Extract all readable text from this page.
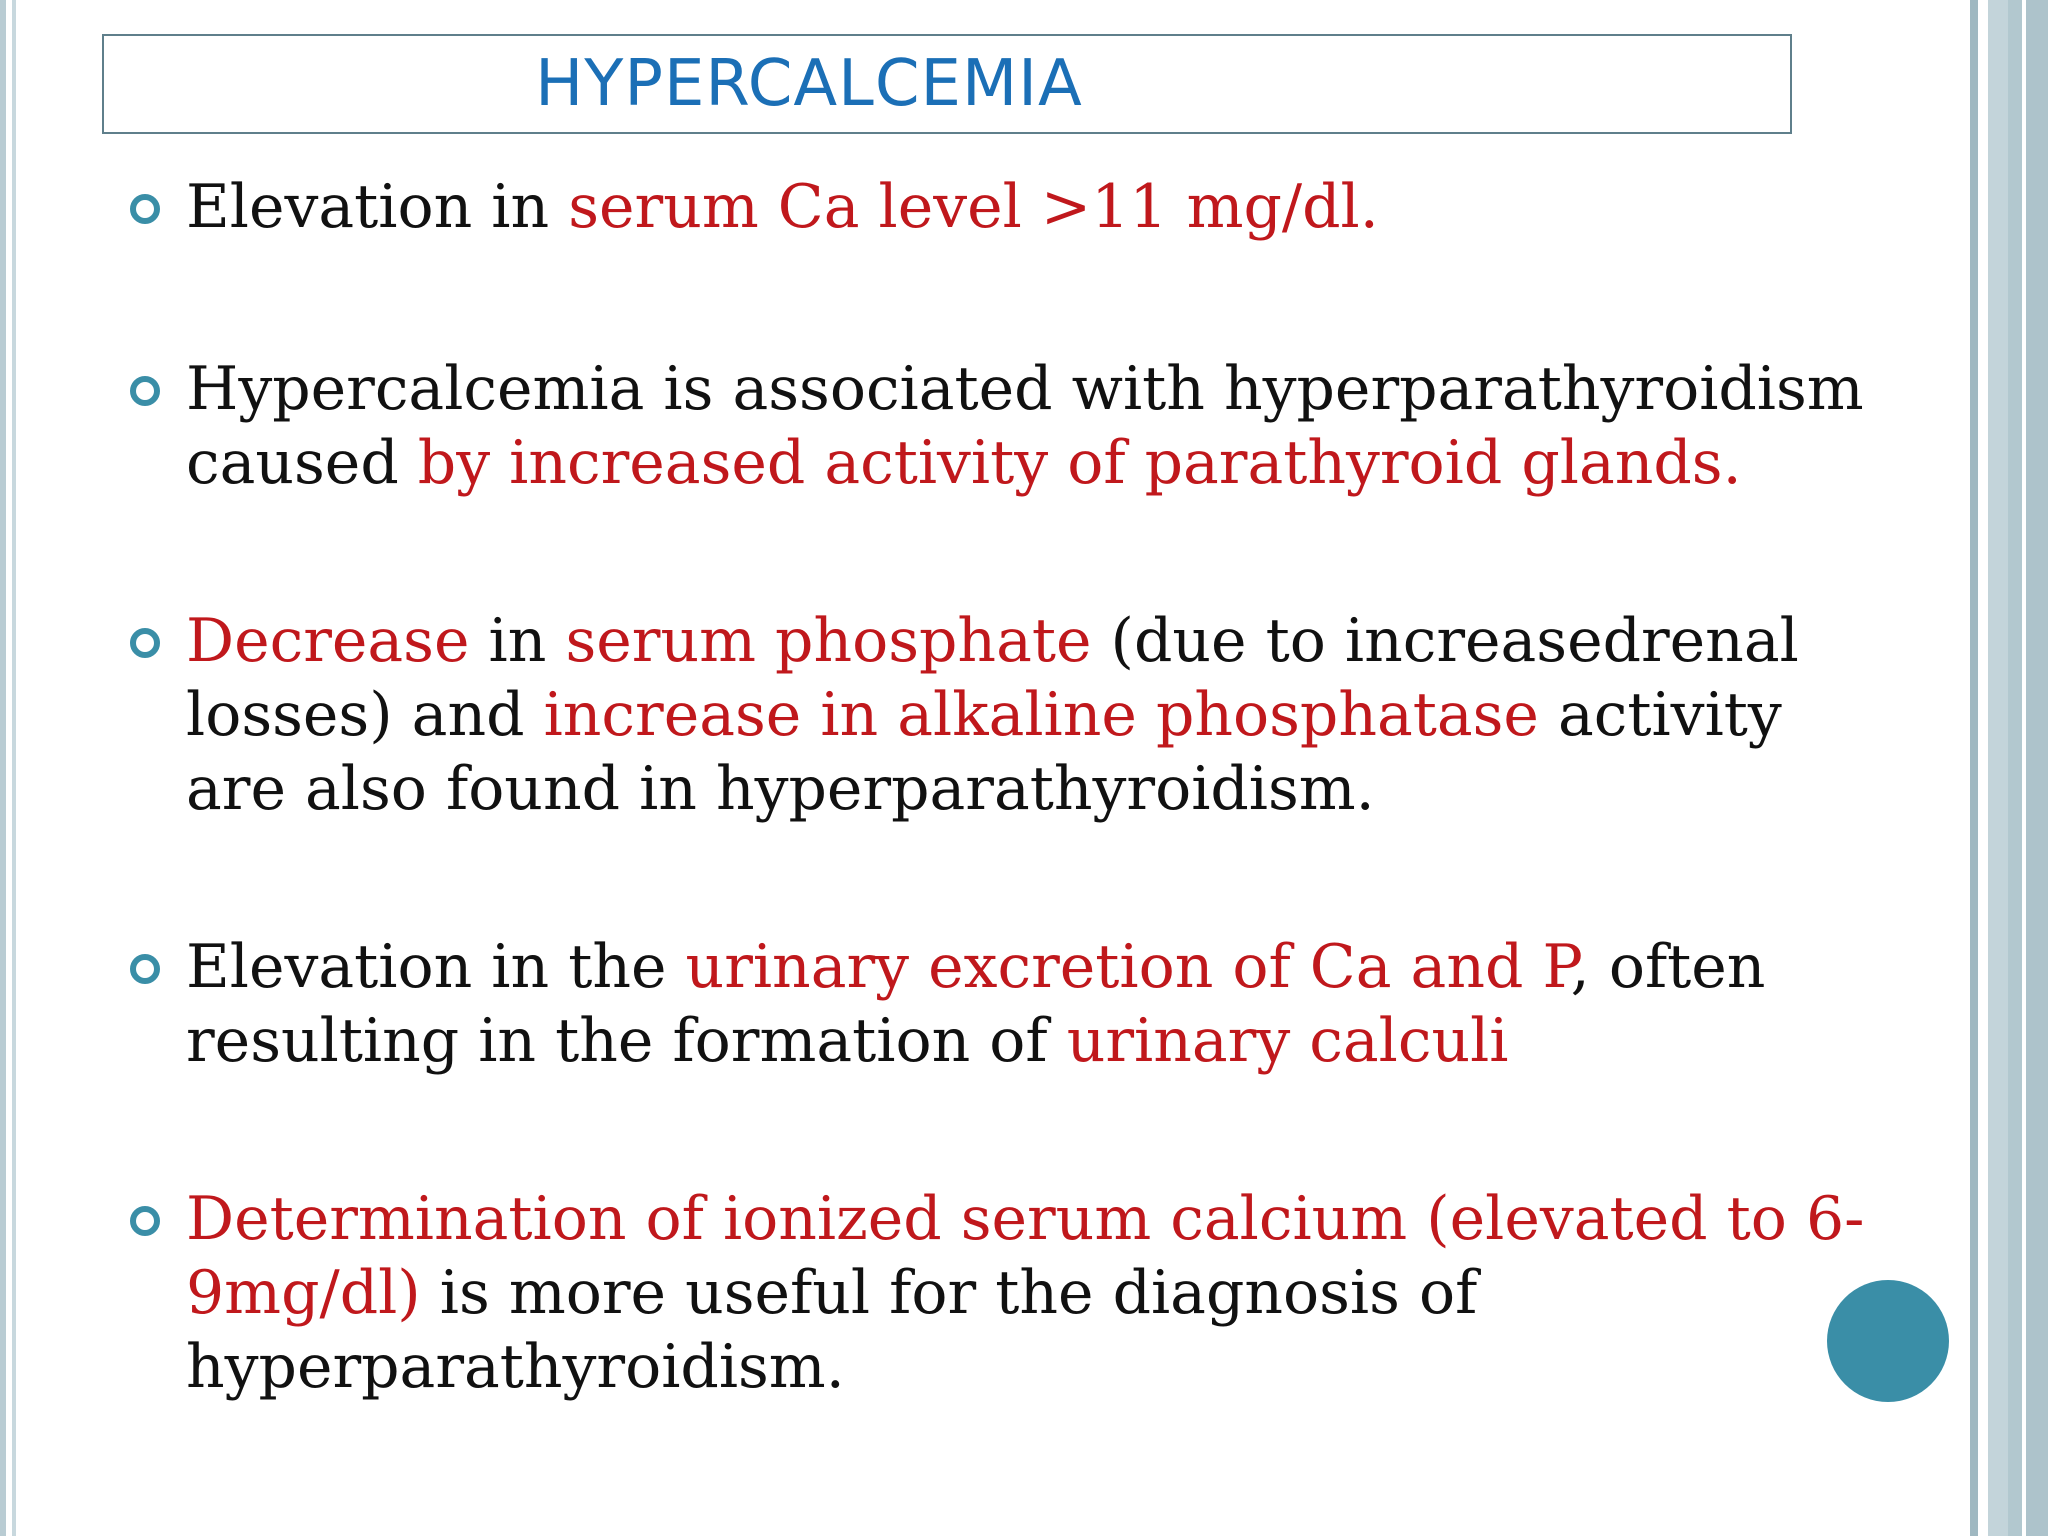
HYPERCALCEMIA
Elevation in serum Ca level >11 mg/dl.
Hypercalcemia is associated with hyperparathyroidism caused by increased activity of parathyroid glands.
Decrease in serum phosphate (due to increasedrenal losses) and increase in alkaline phosphatase activity are also found in hyperparathyroidism.
Elevation in the urinary excretion of Ca and P, often resulting in the formation of urinary calculi
Determination of ionized serum calcium (elevated to 6-9mg/dl) is more useful for the diagnosis of hyperparathyroidism.
